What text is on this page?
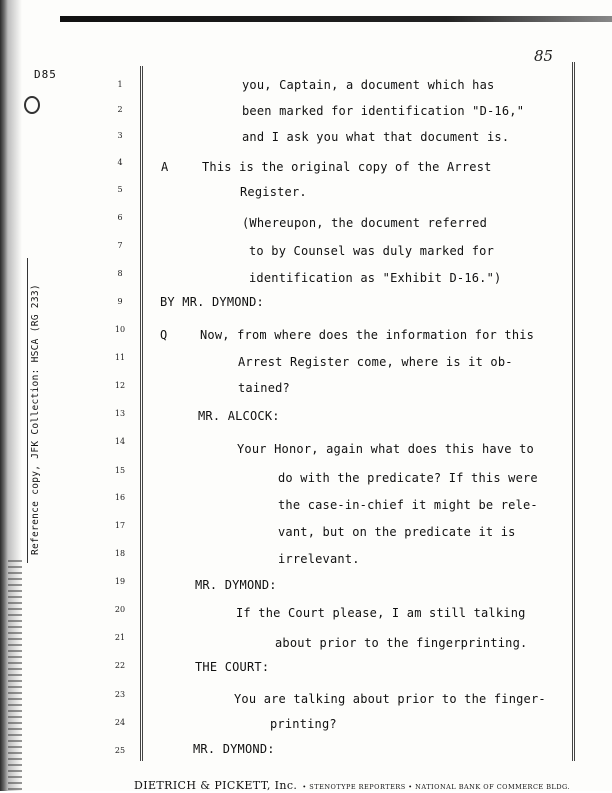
D85
85
Reference copy, JFK Collection: HSCA (RG 233)
1	you, Captain, a document which has
2	been marked for identification "D-16,"
3	and I ask you what that document is.
4	A	This is the original copy of the Arrest
5	Register.
6	(Whereupon, the document referred
7	to by Counsel was duly marked for
8	identification as "Exhibit D-16.")
9	BY MR. DYMOND:
10	Q	Now, from where does the information for this
11	Arrest Register come, where is it ob-
12	tained?
13	MR. ALCOCK:
14
Your Honor, again what does this have to
15
do with the predicate? If this were
16
the case-in-chief it might be rele-
17	vant, but on the predicate it is
18	irrelevant.
19	MR. DYMOND:
20	If the Court please, I am still talking
21	about prior to the fingerprinting.
22	THE COURT:
23	You are talking about prior to the finger-
24	printing?
25	MR. DYMOND:
DIETRICH & PICKETT, Inc. • STENOTYPE REPORTERS • NATIONAL BANK OF COMMERCE BLDG.
